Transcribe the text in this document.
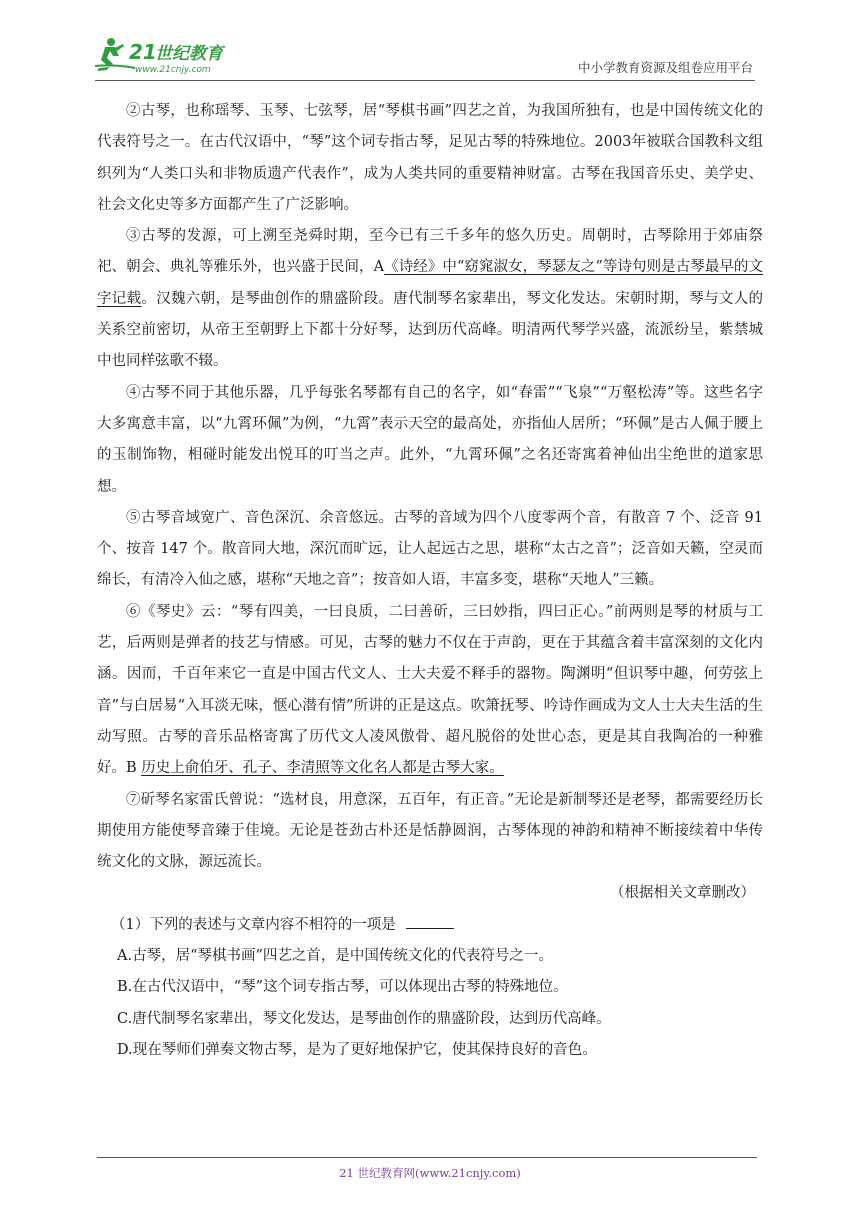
21
世纪教育
www.21cnjy.com	中小学教育资源及组卷应用平台

②古琴，也称瑶琴、玉琴、七弦琴，居“琴棋书画”四艺之首，为我国所独有，也是中国传统文化的代表符号之一。在古代汉语中，“琴”这个词专指古琴，足见古琴的特殊地位。2003年被联合国教科文组织列为“人类口头和非物质遗产代表作”，成为人类共同的重要精神财富。古琴在我国音乐史、美学史、社会文化史等多方面都产生了广泛影响。

③古琴的发源，可上溯至尧舜时期，至今已有三千多年的悠久历史。周朝时，古琴除用于郊庙祭祀、朝会、典礼等雅乐外，也兴盛于民间，A《诗经》中“窈窕淑女，琴瑟友之”等诗句则是古琴最早的文字记载。汉魏六朝，是琴曲创作的鼎盛阶段。唐代制琴名家辈出，琴文化发达。宋朝时期，琴与文人的关系空前密切，从帝王至朝野上下都十分好琴，达到历代高峰。明清两代琴学兴盛，流派纷呈，紫禁城中也同样弦歌不辍。

④古琴不同于其他乐器，几乎每张名琴都有自己的名字，如“春雷”“飞泉”“万壑松涛”等。这些名字大多寓意丰富，以“九霄环佩”为例，“九霄”表示天空的最高处，亦指仙人居所；“环佩”是古人佩于腰上的玉制饰物，相碰时能发出悦耳的叮当之声。此外，“九霄环佩”之名还寄寓着神仙出尘绝世的道家思想。

⑤古琴音域宽广、音色深沉、余音悠远。古琴的音域为四个八度零两个音，有散音 7 个、泛音 91 个、按音 147 个。散音同大地，深沉而旷远，让人起远古之思，堪称“太古之音”；泛音如天籁，空灵而绵长，有清冷入仙之感，堪称“天地之音”；按音如人语，丰富多变，堪称“天地人”三籁。

⑥《琴史》云：“琴有四美，一曰良质，二曰善斫，三曰妙指，四曰正心。”前两则是琴的材质与工艺，后两则是弹者的技艺与情感。可见，古琴的魅力不仅在于声韵，更在于其蕴含着丰富深刻的文化内涵。因而，千百年来它一直是中国古代文人、士大夫爱不释手的器物。陶渊明“但识琴中趣，何劳弦上音”与白居易“入耳淡无味，惬心潜有情”所讲的正是这点。吹箫抚琴、吟诗作画成为文人士大夫生活的生动写照。古琴的音乐品格寄寓了历代文人凌风傲骨、超凡脱俗的处世心态，更是其自我陶冶的一种雅好。B 历史上俞伯牙、孔子、李清照等文化名人都是古琴大家。

⑦斫琴名家雷氏曾说：“选材良，用意深，五百年，有正音。”无论是新制琴还是老琴，都需要经历长期使用方能使琴音臻于佳境。无论是苍劲古朴还是恬静圆润，古琴体现的神韵和精神不断接续着中华传统文化的文脉，源远流长。

（根据相关文章删改）

（1）下列的表述与文章内容不相符的一项是

A.古琴，居“琴棋书画”四艺之首，是中国传统文化的代表符号之一。

B.在古代汉语中，“琴”这个词专指古琴，可以体现出古琴的特殊地位。

C.唐代制琴名家辈出，琴文化发达，是琴曲创作的鼎盛阶段，达到历代高峰。

D.现在琴师们弹奏文物古琴，是为了更好地保护它，使其保持良好的音色。

21 世纪教育网(www.21cnjy.com)
